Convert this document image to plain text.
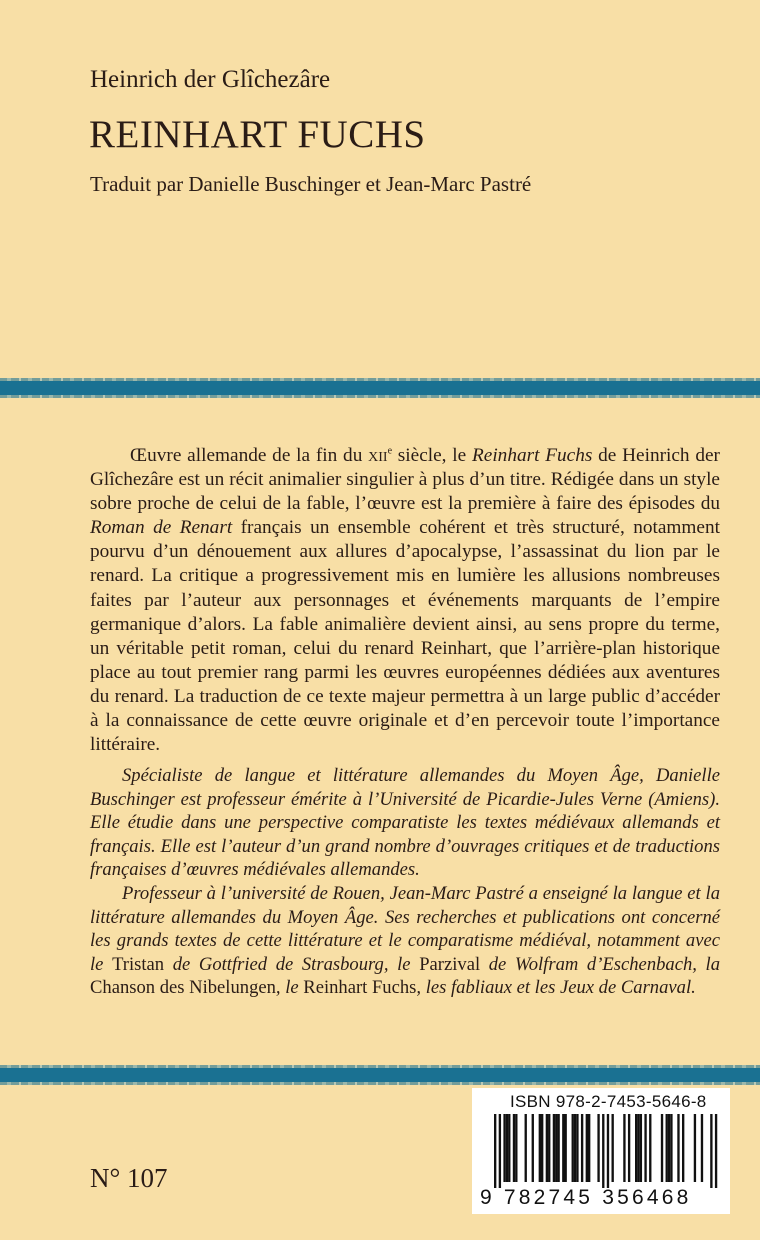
Heinrich der Glîchezâre
REINHART FUCHS
Traduit par Danielle Buschinger et Jean-Marc Pastré

Œuvre allemande de la fin du xii$^e$ siècle, le Reinhart Fuchs de Heinrich der Glîchezâre est un récit animalier singulier à plus d’un titre. Rédigée dans un style sobre proche de celui de la fable, l’œuvre est la première à faire des épisodes du Roman de Renart français un ensemble cohérent et très structuré, notamment pourvu d’un dénouement aux allures d’apocalypse, l’assassinat du lion par le renard. La critique a progressivement mis en lumière les allusions nombreuses faites par l’auteur aux personnages et événements marquants de l’empire germanique d’alors. La fable animalière devient ainsi, au sens propre du terme, un véritable petit roman, celui du renard Reinhart, que l’arrière-plan historique place au tout premier rang parmi les œuvres européennes dédiées aux aventures du renard. La traduction de ce texte majeur permettra à un large public d’accéder à la connaissance de cette œuvre originale et d’en percevoir toute l’importance littéraire.

Spécialiste de langue et littérature allemandes du Moyen Âge, Danielle Buschinger est professeur émérite à l’Université de Picardie-Jules Verne (Amiens). Elle étudie dans une perspective comparatiste les textes médiévaux allemands et français. Elle est l’auteur d’un grand nombre d’ouvrages critiques et de traductions françaises d’œuvres médiévales allemandes.

Professeur à l’université de Rouen, Jean-Marc Pastré a enseigné la langue et la littérature allemandes du Moyen Âge. Ses recherches et publications ont concerné les grands textes de cette littérature et le comparatisme médiéval, notamment avec le Tristan de Gottfried de Strasbourg, le Parzival de Wolfram d’Eschenbach, la Chanson des Nibelungen, le Reinhart Fuchs, les fabliaux et les Jeux de Carnaval.

N° 107
ISBN 978-2-7453-5646-8
9 782745 356468
